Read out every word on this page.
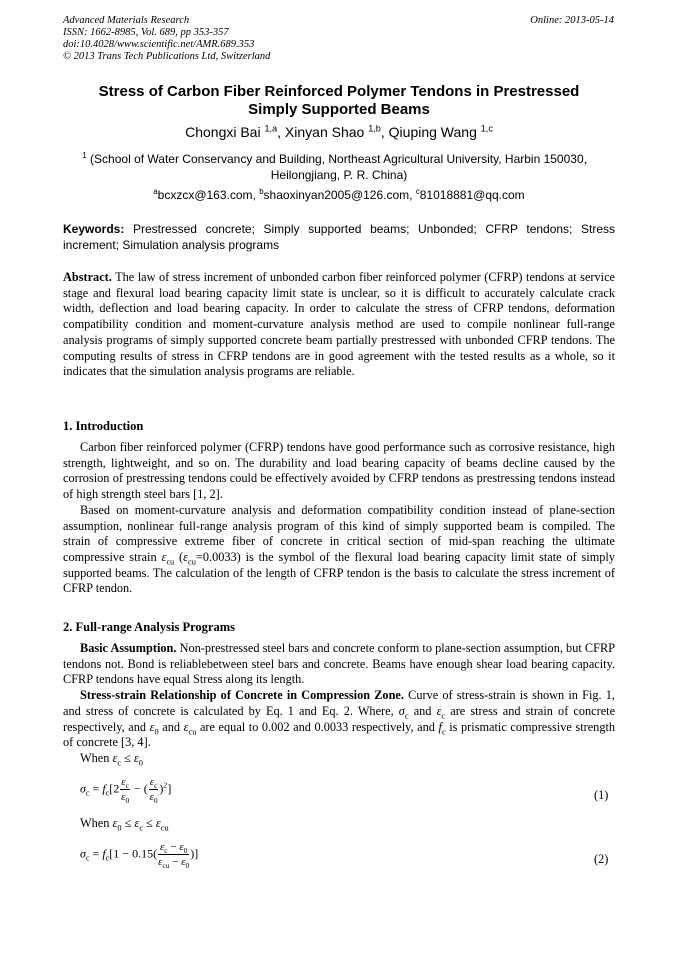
Advanced Materials Research
ISSN: 1662-8985, Vol. 689, pp 353-357
doi:10.4028/www.scientific.net/AMR.689.353
© 2013 Trans Tech Publications Ltd, Switzerland
Online: 2013-05-14
Stress of Carbon Fiber Reinforced Polymer Tendons in Prestressed
Simply Supported Beams
Chongxi Bai $^{1,a}$, Xinyan Shao $^{1,b}$, Qiuping Wang $^{1,c}$
$^1$ (School of Water Conservancy and Building, Northeast Agricultural University, Harbin 150030，
Heilongjiang, P. R. China)
$^a$bcxzcx@163.com, $^b$shaoxinyan2005@126.com, $^c$81018881@qq.com
Keywords: Prestressed concrete; Simply supported beams; Unbonded; CFRP tendons; Stress increment; Simulation analysis programs

Abstract. The law of stress increment of unbonded carbon fiber reinforced polymer (CFRP) tendons at service stage and flexural load bearing capacity limit state is unclear, so it is difficult to accurately calculate crack width, deflection and load bearing capacity. In order to calculate the stress of CFRP tendons, deformation compatibility condition and moment-curvature analysis method are used to compile nonlinear full-range analysis programs of simply supported concrete beam partially prestressed with unbonded CFRP tendons. The computing results of stress in CFRP tendons are in good agreement with the tested results as a whole, so it indicates that the simulation analysis programs are reliable.

1. Introduction

Carbon fiber reinforced polymer (CFRP) tendons have good performance such as corrosive resistance, high strength, lightweight, and so on. The durability and load bearing capacity of beams decline caused by the corrosion of prestressing tendons could be effectively avoided by CFRP tendons as prestressing tendons instead of high strength steel bars [1, 2].

Based on moment-curvature analysis and deformation compatibility condition instead of plane-section assumption, nonlinear full-range analysis program of this kind of simply supported beam is compiled. The strain of compressive extreme fiber of concrete in critical section of mid-span reaching the ultimate compressive strain $\varepsilon_{cu}$ $(\varepsilon_{cu}=0.0033)$ is the symbol of the flexural load bearing capacity limit state of simply supported beams. The calculation of the length of CFRP tendon is the basis to calculate the stress increment of CFRP tendon.

2. Full-range Analysis Programs

Basic Assumption. Non-prestressed steel bars and concrete conform to plane-section assumption, but CFRP tendons not. Bond is reliablebetween steel bars and concrete. Beams have enough shear load bearing capacity. CFRP tendons have equal Stress along its length.

Stress-strain Relationship of Concrete in Compression Zone. Curve of stress-strain is shown in Fig. 1, and stress of concrete is calculated by Eq. 1 and Eq. 2. Where, $\sigma_c$ and $\varepsilon_c$ are stress and strain of concrete respectively, and $\varepsilon_0$ and $\varepsilon_{cu}$ are equal to 0.002 and 0.0033 respectively, and $f_c$ is prismatic compressive strength of concrete [3, 4].

When $\varepsilon_c \le \varepsilon_0$
$\sigma_c = f_c[2 \frac{\varepsilon_c}{\varepsilon_0}$ − ( $\frac{\varepsilon_c}{\varepsilon_0} )^2$]	(1)
When $\varepsilon_0 \le \varepsilon_c \le \varepsilon_{cu}$
$\sigma_c = f_c[1 - 0.15( \frac{\varepsilon_c - \varepsilon_0}{\varepsilon_{cu} - \varepsilon_0}$ )]	(2)
